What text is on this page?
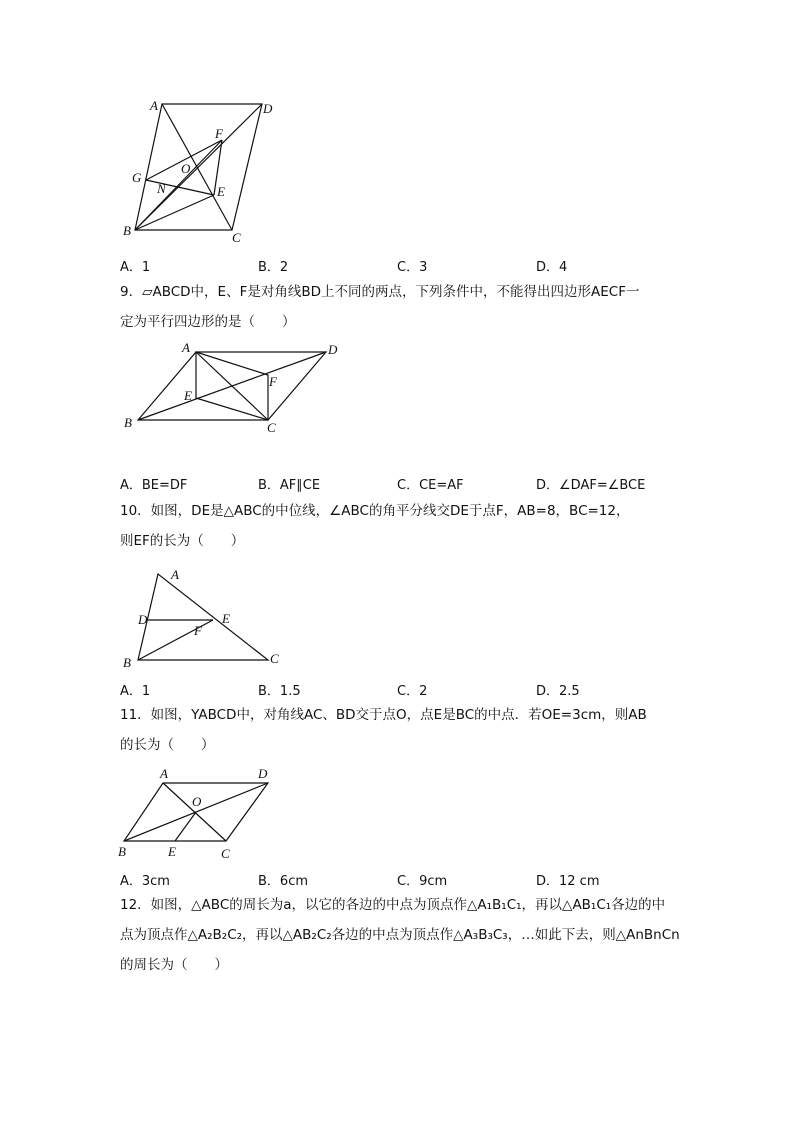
A	D
F
O
G
N	E
B	C
A．1	B．2	C．3	D．4
9．▱ABCD中，E、F是对角线BD上不同的两点，下列条件中，不能得出四边形AECF一
定为平行四边形的是（　　）
A	D
F
E
B	C
A．BE=DF	B．AF∥CE	C．CE=AF	D．∠DAF=∠BCE
10．如图，DE是△ABC的中位线，∠ABC的角平分线交DE于点F，AB=8，BC=12，
则EF的长为（　　）
A
D	E
F
B	C
A．1	B．1.5	C．2	D．2.5
11．如图，YABCD中，对角线AC、BD交于点O，点E是BC的中点．若OE=3cm，则AB
的长为（　　）
A	D
O
B	E	C
A．3cm	B．6cm	C．9cm	D．12 cm
12．如图，△ABC的周长为a，以它的各边的中点为顶点作△A₁B₁C₁，再以△AB₁C₁各边的中
点为顶点作△A₂B₂C₂，再以△AB₂C₂各边的中点为顶点作△A₃B₃C₃，…如此下去，则△AnBnCn
的周长为（　　）
